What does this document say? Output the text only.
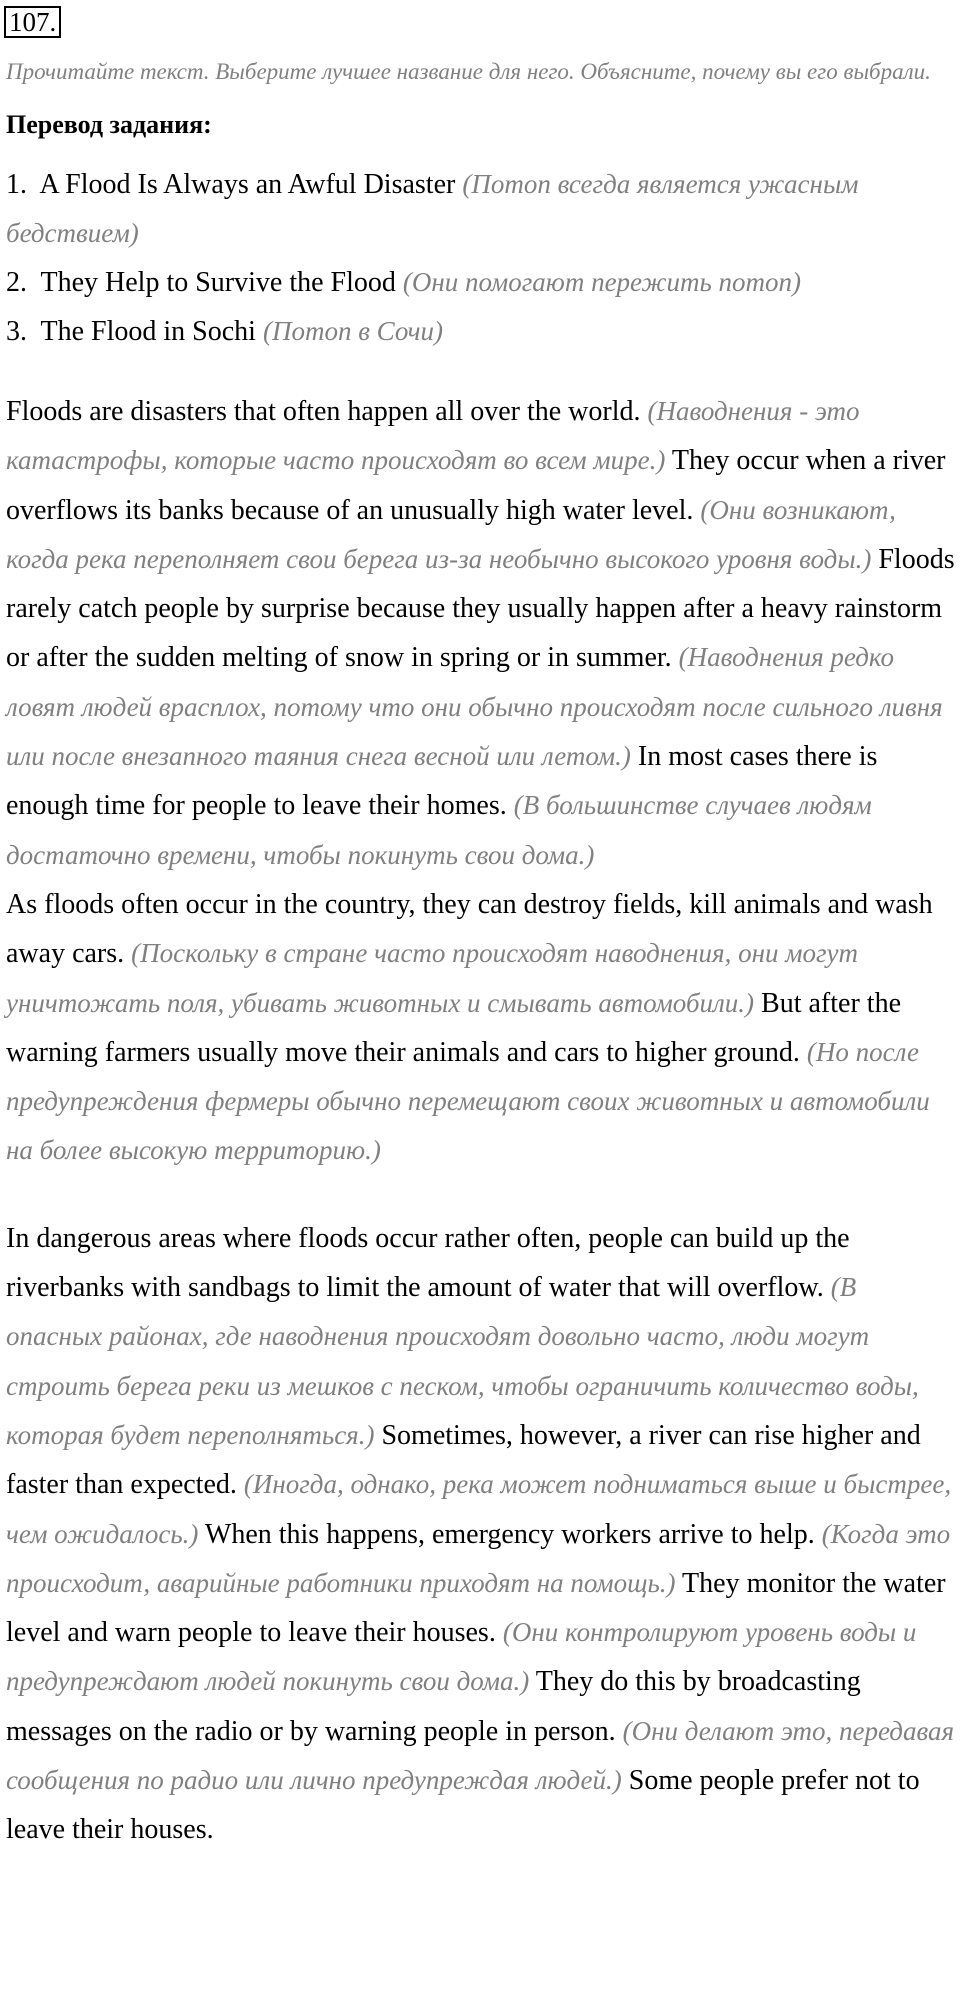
107.
Прочитайте текст. Выберите лучшее название для него. Объясните, почему вы его выбрали.
Перевод задания:
1. A Flood Is Always an Awful Disaster (Потоп всегда является ужасным бедствием)
2. They Help to Survive the Flood (Они помогают пережить потоп)
3. The Flood in Sochi (Потоп в Сочи)
Floods are disasters that often happen all over the world. (Наводнения - это катастрофы, которые часто происходят во всем мире.) They occur when a river overflows its banks because of an unusually high water level. (Они возникают, когда река переполняет свои берега из-за необычно высокого уровня воды.) Floods rarely catch people by surprise because they usually happen after a heavy rainstorm or after the sudden melting of snow in spring or in summer. (Наводнения редко ловят людей врасплох, потому что они обычно происходят после сильного ливня или после внезапного таяния снега весной или летом.) In most cases there is enough time for people to leave their homes. (В большинстве случаев людям достаточно времени, чтобы покинуть свои дома.)
As floods often occur in the country, they can destroy fields, kill animals and wash away cars. (Поскольку в стране часто происходят наводнения, они могут уничтожать поля, убивать животных и смывать автомобили.) But after the warning farmers usually move their animals and cars to higher ground. (Но после предупреждения фермеры обычно перемещают своих животных и автомобили на более высокую территорию.)
In dangerous areas where floods occur rather often, people can build up the riverbanks with sandbags to limit the amount of water that will overflow. (В опасных районах, где наводнения происходят довольно часто, люди могут строить берега реки из мешков с песком, чтобы ограничить количество воды, которая будет переполняться.) Sometimes, however, a river can rise higher and faster than expected. (Иногда, однако, река может подниматься выше и быстрее, чем ожидалось.) When this happens, emergency workers arrive to help. (Когда это происходит, аварийные работники приходят на помощь.) They monitor the water level and warn people to leave their houses. (Они контролируют уровень воды и предупреждают людей покинуть свои дома.) They do this by broadcasting messages on the radio or by warning people in person. (Они делают это, передавая сообщения по радио или лично предупреждая людей.) Some people prefer not to leave their houses.
